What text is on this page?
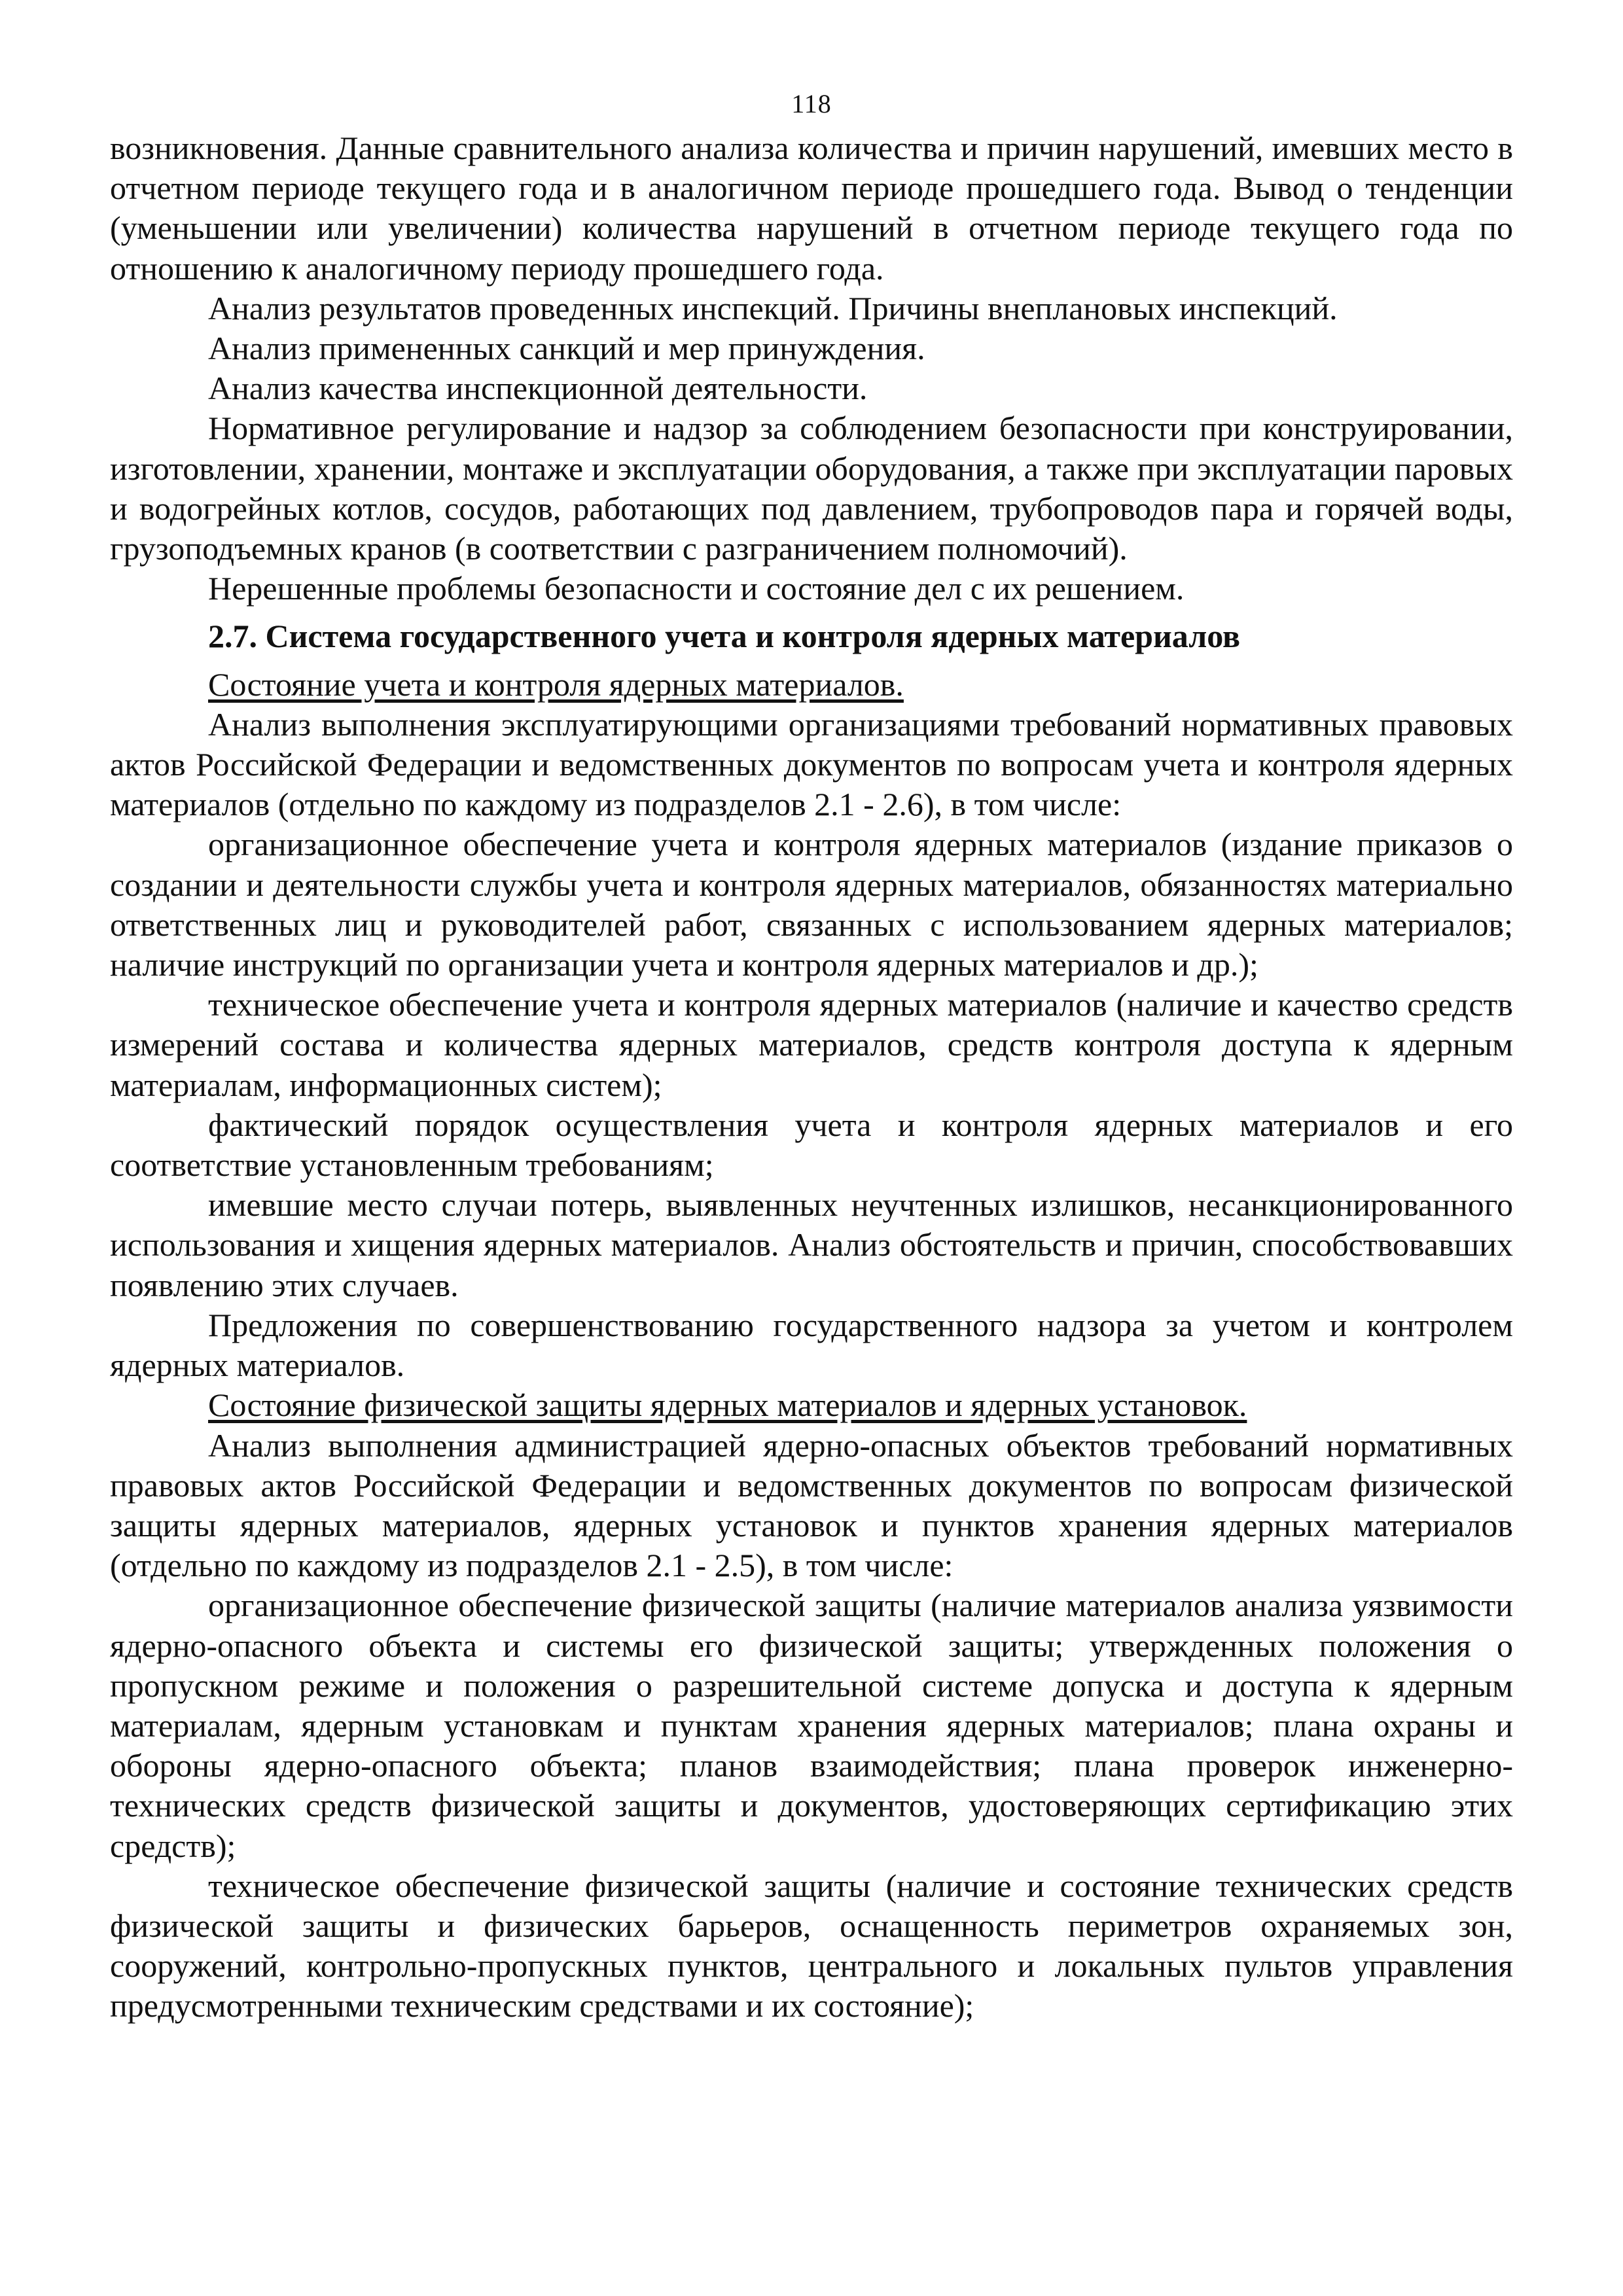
118

возникновения. Данные сравнительного анализа количества и причин нарушений, имевших место в отчетном периоде текущего года и в аналогичном периоде прошедшего года. Вывод о тенденции (уменьшении или увеличении) количества нарушений в отчетном периоде текущего года по отношению к аналогичному периоду прошедшего года.

Анализ результатов проведенных инспекций. Причины внеплановых инспекций.

Анализ примененных санкций и мер принуждения.

Анализ качества инспекционной деятельности.

Нормативное регулирование и надзор за соблюдением безопасности при конструировании, изготовлении, хранении, монтаже и эксплуатации оборудования, а также при эксплуатации паровых и водогрейных котлов, сосудов, работающих под давлением, трубопроводов пара и горячей воды, грузоподъемных кранов (в соответствии с разграничением полномочий).

Нерешенные проблемы безопасности и состояние дел с их решением.

2.7. Система государственного учета и контроля ядерных материалов

Состояние учета и контроля ядерных материалов.

Анализ выполнения эксплуатирующими организациями требований нормативных правовых актов Российской Федерации и ведомственных документов по вопросам учета и контроля ядерных материалов (отдельно по каждому из подразделов 2.1 - 2.6), в том числе:

организационное обеспечение учета и контроля ядерных материалов (издание приказов о создании и деятельности службы учета и контроля ядерных материалов, обязанностях материально ответственных лиц и руководителей работ, связанных с использованием ядерных материалов; наличие инструкций по организации учета и контроля ядерных материалов и др.);

техническое обеспечение учета и контроля ядерных материалов (наличие и качество средств измерений состава и количества ядерных материалов, средств контроля доступа к ядерным материалам, информационных систем);

фактический порядок осуществления учета и контроля ядерных материалов и его соответствие установленным требованиям;

имевшие место случаи потерь, выявленных неучтенных излишков, несанкционированного использования и хищения ядерных материалов. Анализ обстоятельств и причин, способствовавших появлению этих случаев.

Предложения по совершенствованию государственного надзора за учетом и контролем ядерных материалов.

Состояние физической защиты ядерных материалов и ядерных установок.

Анализ выполнения администрацией ядерно-опасных объектов требований нормативных правовых актов Российской Федерации и ведомственных документов по вопросам физической защиты ядерных материалов, ядерных установок и пунктов хранения ядерных материалов (отдельно по каждому из подразделов 2.1 - 2.5), в том числе:

организационное обеспечение физической защиты (наличие материалов анализа уязвимости ядерно-опасного объекта и системы его физической защиты; утвержденных положения о пропускном режиме и положения о разрешительной системе допуска и доступа к ядерным материалам, ядерным установкам и пунктам хранения ядерных материалов; плана охраны и обороны ядерно-опасного объекта; планов взаимодействия; плана проверок инженерно-технических средств физической защиты и документов, удостоверяющих сертификацию этих средств);

техническое обеспечение физической защиты (наличие и состояние технических средств физической защиты и физических барьеров, оснащенность периметров охраняемых зон, сооружений, контрольно-пропускных пунктов, центрального и локальных пультов управления предусмотренными техническим средствами и их состояние);
